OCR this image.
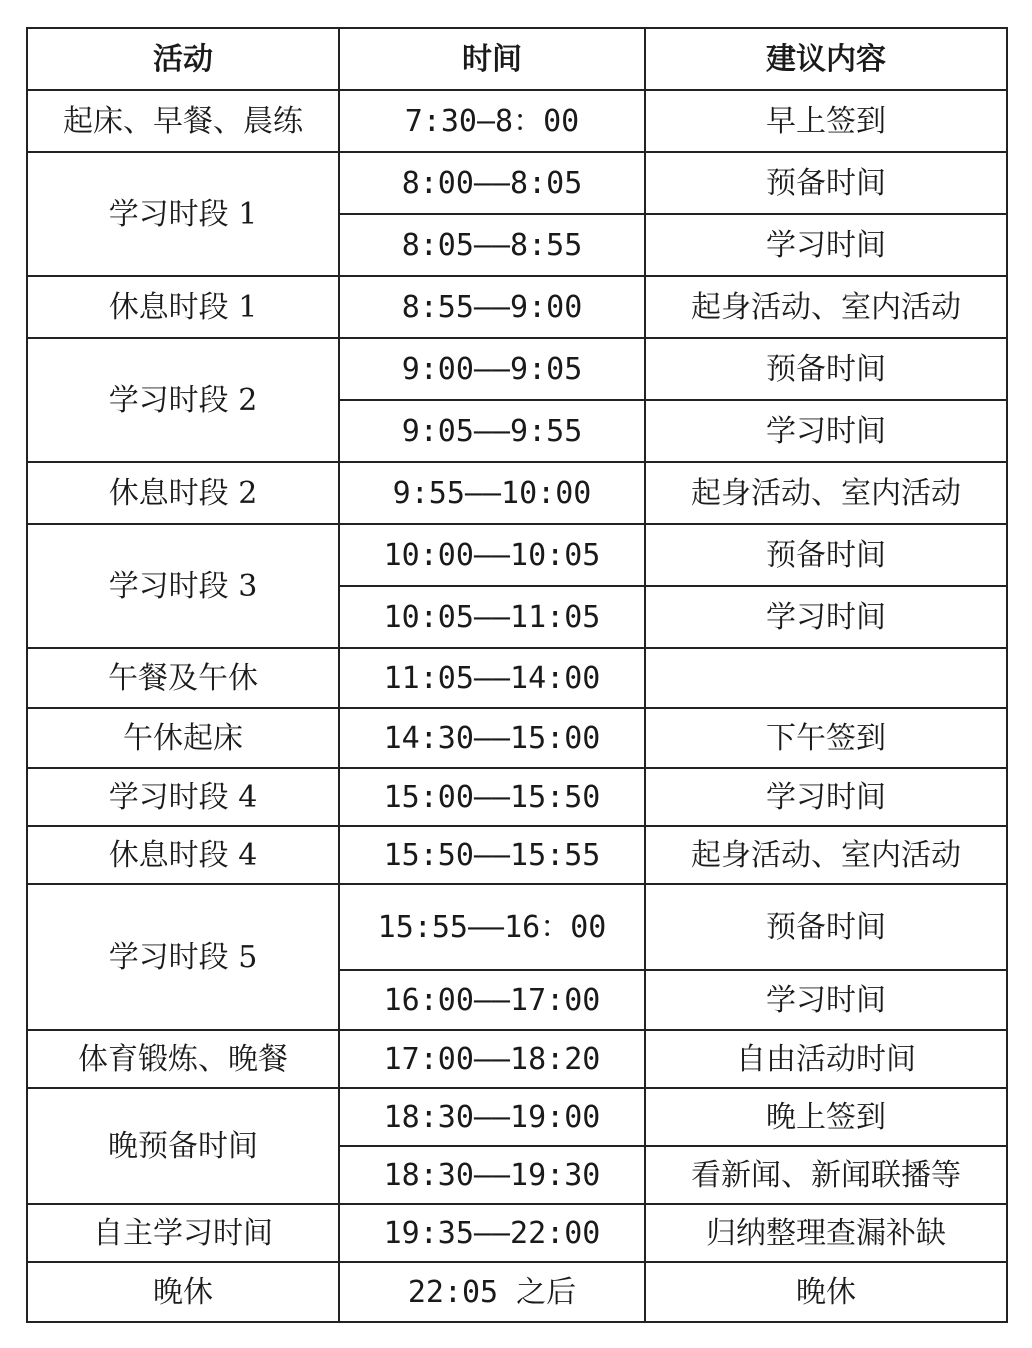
活动	时间	建议内容
起床、早餐、晨练	7:30—8：00	早上签到
学习时段 1	8:00——8:05	预备时间
	8:05——8:55	学习时间
休息时段 1	8:55——9:00	起身活动、室内活动
学习时段 2	9:00——9:05	预备时间
	9:05——9:55	学习时间
休息时段 2	9:55——10:00	起身活动、室内活动
学习时段 3	10:00——10:05	预备时间
	10:05——11:05	学习时间
午餐及午休	11:05——14:00	
午休起床	14:30——15:00	下午签到
学习时段 4	15:00——15:50	学习时间
休息时段 4	15:50——15:55	起身活动、室内活动
学习时段 5	15:55——16：00	预备时间
	16:00——17:00	学习时间
体育锻炼、晚餐	17:00——18:20	自由活动时间
晚预备时间	18:30——19:00	晚上签到
	18:30——19:30	看新闻、新闻联播等
自主学习时间	19:35——22:00	归纳整理查漏补缺
晚休	22:05 之后	晚休
